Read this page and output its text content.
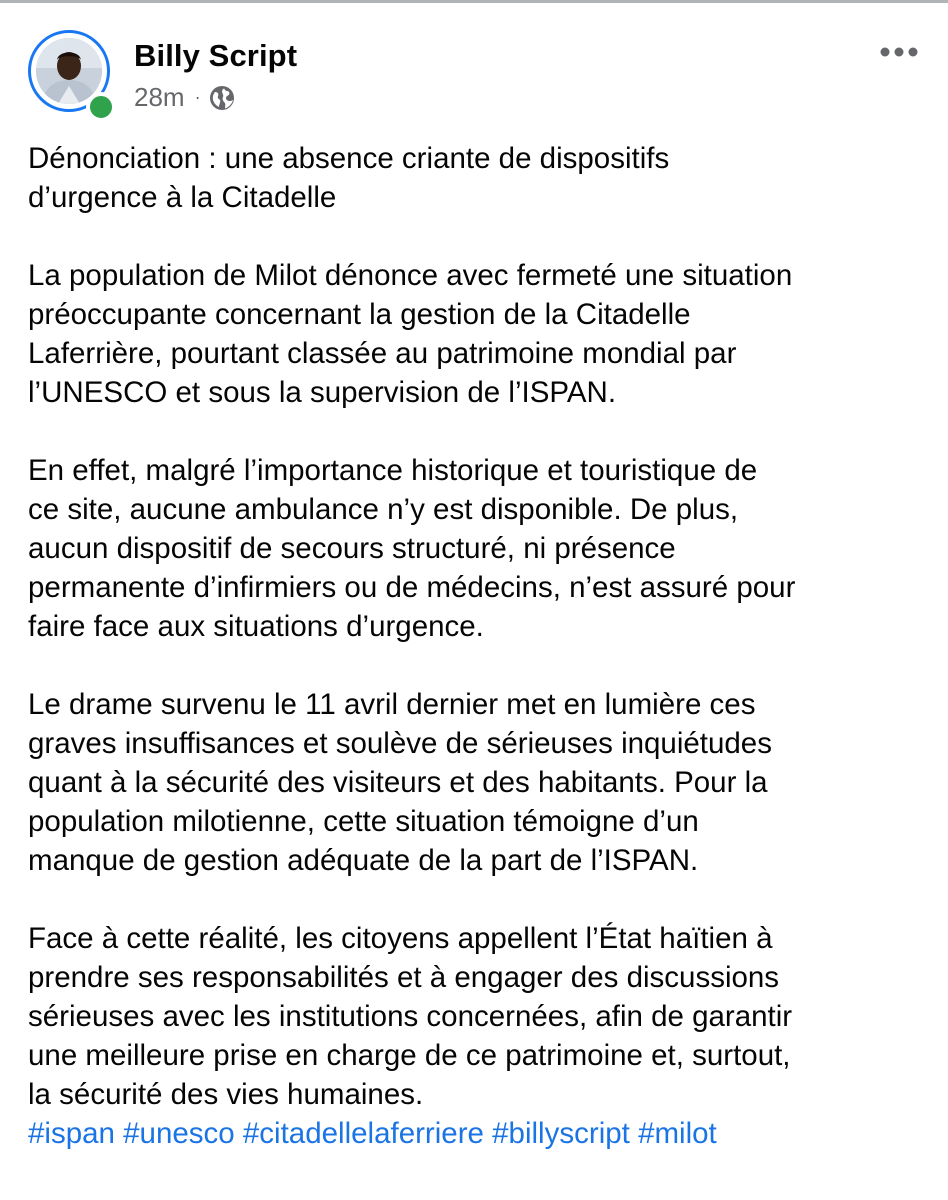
Billy Script
28m ·

Dénonciation : une absence criante de dispositifs
d’urgence à la Citadelle

La population de Milot dénonce avec fermeté une situation
préoccupante concernant la gestion de la Citadelle
Laferrière, pourtant classée au patrimoine mondial par
l’UNESCO et sous la supervision de l’ISPAN.

En effet, malgré l’importance historique et touristique de
ce site, aucune ambulance n’y est disponible. De plus,
aucun dispositif de secours structuré, ni présence
permanente d’infirmiers ou de médecins, n’est assuré pour
faire face aux situations d’urgence.

Le drame survenu le 11 avril dernier met en lumière ces
graves insuffisances et soulève de sérieuses inquiétudes
quant à la sécurité des visiteurs et des habitants. Pour la
population milotienne, cette situation témoigne d’un
manque de gestion adéquate de la part de l’ISPAN.

Face à cette réalité, les citoyens appellent l’État haïtien à
prendre ses responsabilités et à engager des discussions
sérieuses avec les institutions concernées, afin de garantir
une meilleure prise en charge de ce patrimoine et, surtout,
la sécurité des vies humaines.

#ispan #unesco #citadellelaferriere #billyscript #milot
